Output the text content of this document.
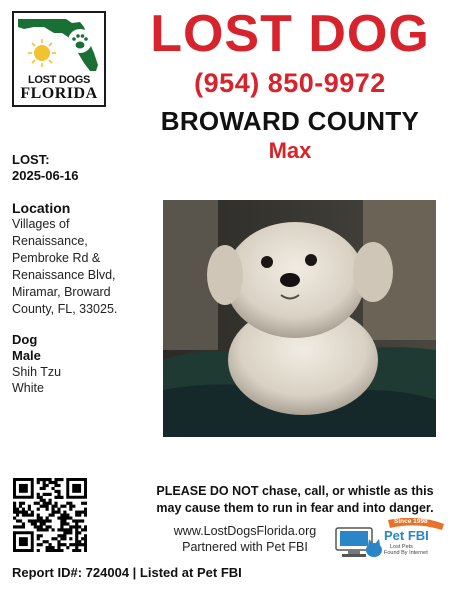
LOST DOGS
FLORIDA
LOST DOG
(954) 850-9972
BROWARD COUNTY
Max
LOST:
2025-06-16
Location
Villages of
Renaissance,
Pembroke Rd &
Renaissance Blvd,
Miramar, Broward
County, FL, 33025.
Dog
Male
Shih Tzu
White
PLEASE DO NOT chase, call, or whistle as this
may cause them to run in fear and into danger.
www.LostDogsFlorida.org
Partnered with Pet FBI
Since 1998
Pet FBI
Lost Pets
Found By Internet
Report ID#: 724004 | Listed at Pet FBI
